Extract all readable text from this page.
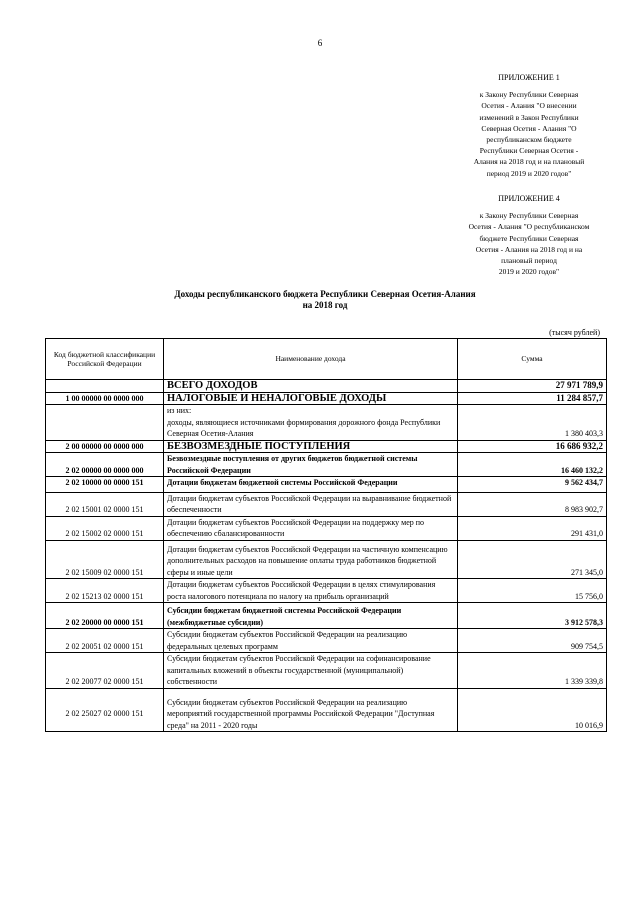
6
ПРИЛОЖЕНИЕ 1
к Закону Республики Северная
Осетия - Алания "О внесении
изменений в Закон Республики
Северная Осетия - Алания "О
республиканском бюджете
Республики Северная Осетия -
Алания на 2018 год и на плановый
период 2019 и 2020 годов"
ПРИЛОЖЕНИЕ 4
к Закону Республики Северная
Осетия - Алания "О республиканском
бюджете Республики Северная
Осетия - Алания на 2018 год и на
плановый период
2019 и 2020 годов"
Доходы республиканского бюджета Республики Северная Осетия-Алания
на 2018 год
(тысяч рублей)
Код бюджетной классификации Российской Федерации	Наименование дохода	Сумма
	ВСЕГО ДОХОДОВ	27 971 789,9
1 00 00000 00 0000 000	НАЛОГОВЫЕ И НЕНАЛОГОВЫЕ ДОХОДЫ	11 284 857,7
	из них:	
	доходы, являющиеся источниками формирования дорожного фонда Республики Северная Осетия-Алания	1 380 403,3
2 00 00000 00 0000 000	БЕЗВОЗМЕЗДНЫЕ ПОСТУПЛЕНИЯ	16 686 932,2
2 02 00000 00 0000 000	Безвозмездные поступления от других бюджетов бюджетной системы Российской Федерации	16 460 132,2
2 02 10000 00 0000 151	Дотации бюджетам бюджетной системы Российской Федерации	9 562 434,7
2 02 15001 02 0000 151	Дотации бюджетам субъектов Российской Федерации на выравнивание бюджетной обеспеченности	8 983 902,7
2 02 15002 02 0000 151	Дотации бюджетам субъектов Российской Федерации на поддержку мер по обеспечению сбалансированности	291 431,0
2 02 15009 02 0000 151	Дотации бюджетам субъектов Российской Федерации на частичную компенсацию дополнительных расходов на повышение оплаты труда работников бюджетной сферы и иные цели	271 345,0
2 02 15213 02 0000 151	Дотации бюджетам субъектов Российской Федерации в целях стимулирования роста налогового потенциала по налогу на прибыль организаций	15 756,0
2 02 20000 00 0000 151	Субсидии бюджетам бюджетной системы Российской Федерации (межбюджетные субсидии)	3 912 578,3
2 02 20051 02 0000 151	Субсидии бюджетам субъектов Российской Федерации на реализацию федеральных целевых программ	909 754,5
2 02 20077 02 0000 151	Субсидии бюджетам субъектов Российской Федерации на софинансирование капитальных вложений в объекты государственной (муниципальной) собственности	1 339 339,8
2 02 25027 02 0000 151	Субсидии бюджетам субъектов Российской Федерации на реализацию мероприятий государственной программы Российской Федерации "Доступная среда" на 2011 - 2020 годы	10 016,9
